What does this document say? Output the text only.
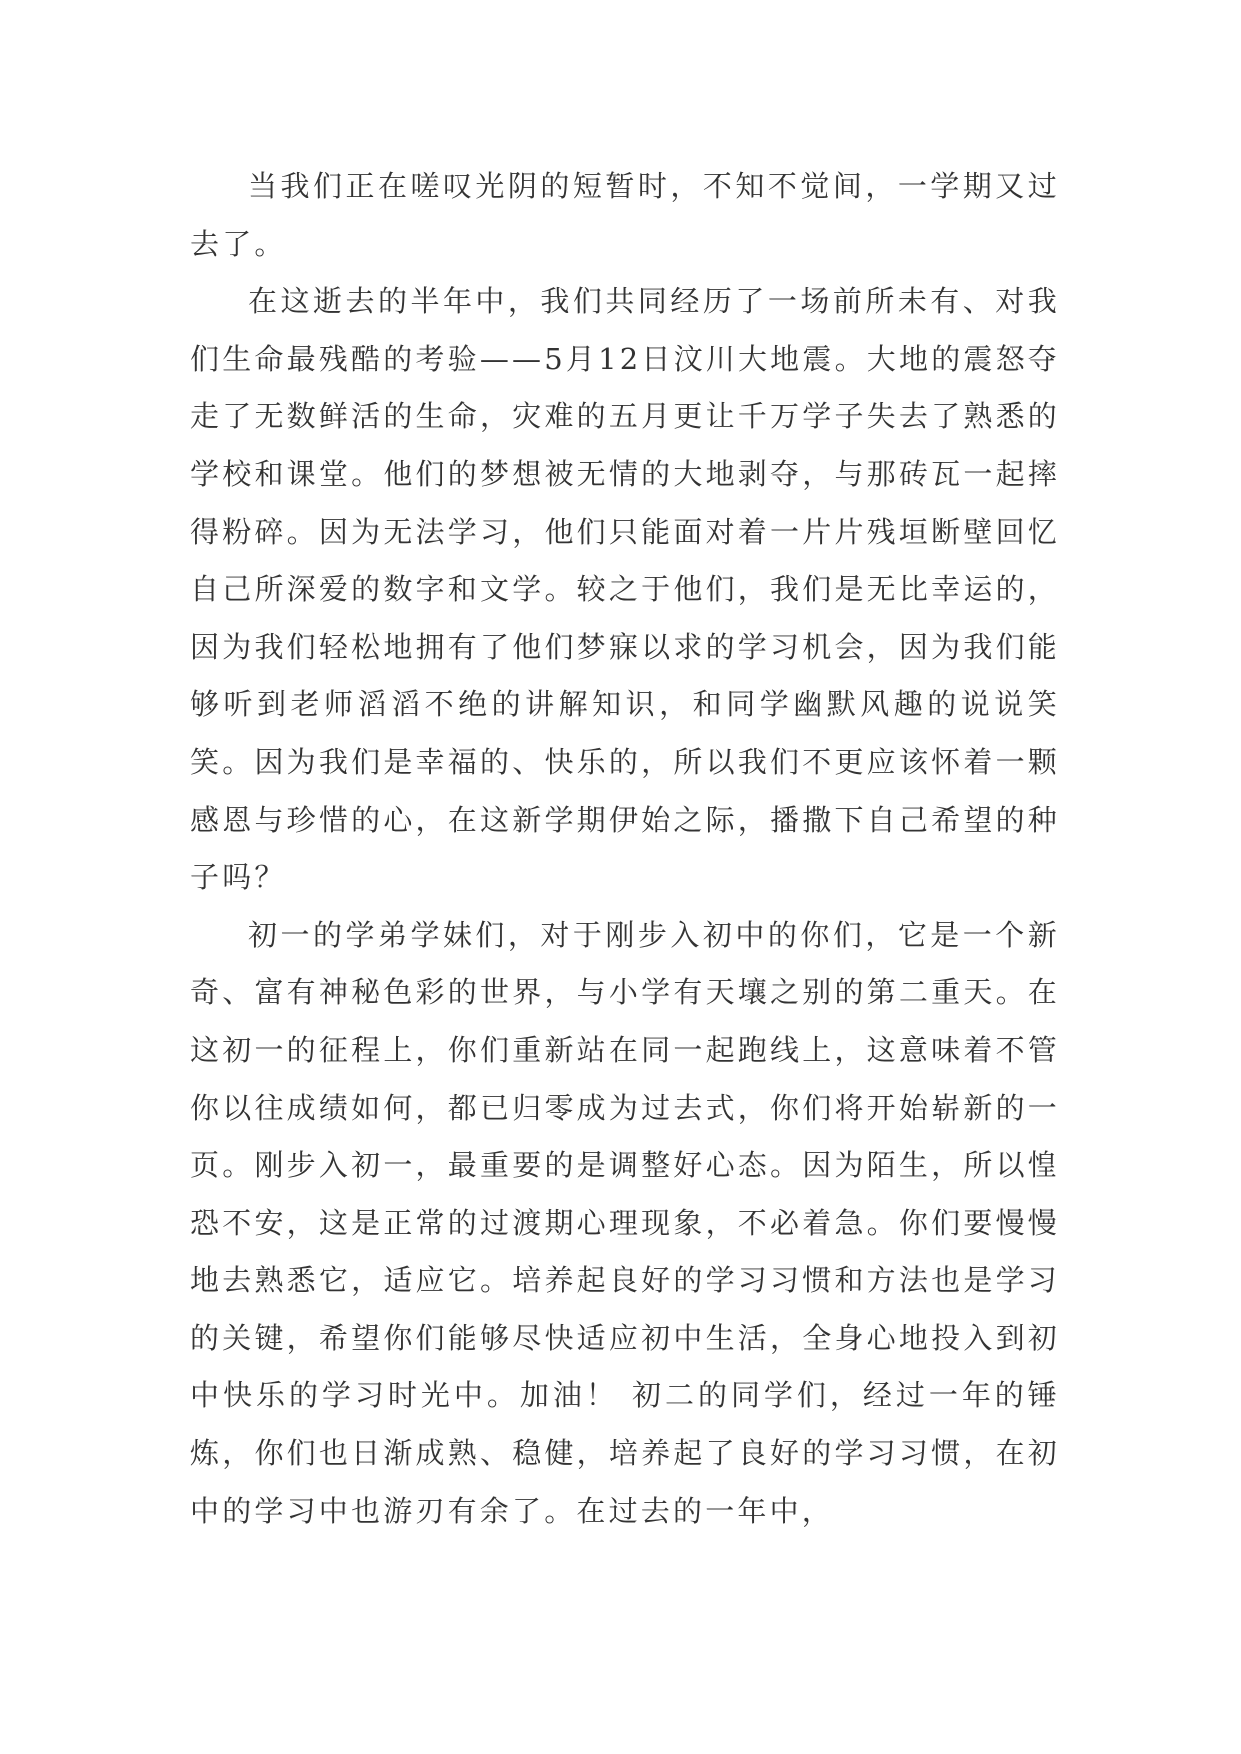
当我们正在嗟叹光阴的短暂时，不知不觉间，一学期又过去了。

在这逝去的半年中，我们共同经历了一场前所未有、对我们生命最残酷的考验——5月12日汶川大地震。大地的震怒夺走了无数鲜活的生命，灾难的五月更让千万学子失去了熟悉的学校和课堂。他们的梦想被无情的大地剥夺，与那砖瓦一起摔得粉碎。因为无法学习，他们只能面对着一片片残垣断壁回忆自己所深爱的数字和文学。较之于他们，我们是无比幸运的，因为我们轻松地拥有了他们梦寐以求的学习机会，因为我们能够听到老师滔滔不绝的讲解知识，和同学幽默风趣的说说笑笑。因为我们是幸福的、快乐的，所以我们不更应该怀着一颗感恩与珍惜的心，在这新学期伊始之际，播撒下自己希望的种子吗？

初一的学弟学妹们，对于刚步入初中的你们，它是一个新奇、富有神秘色彩的世界，与小学有天壤之别的第二重天。在这初一的征程上，你们重新站在同一起跑线上，这意味着不管你以往成绩如何，都已归零成为过去式，你们将开始崭新的一页。刚步入初一，最重要的是调整好心态。因为陌生，所以惶恐不安，这是正常的过渡期心理现象，不必着急。你们要慢慢地去熟悉它，适应它。培养起良好的学习习惯和方法也是学习的关键，希望你们能够尽快适应初中生活，全身心地投入到初中快乐的学习时光中。加油！ 初二的同学们，经过一年的锤炼，你们也日渐成熟、稳健，培养起了良好的学习习惯，在初中的学习中也游刃有余了。在过去的一年中，
